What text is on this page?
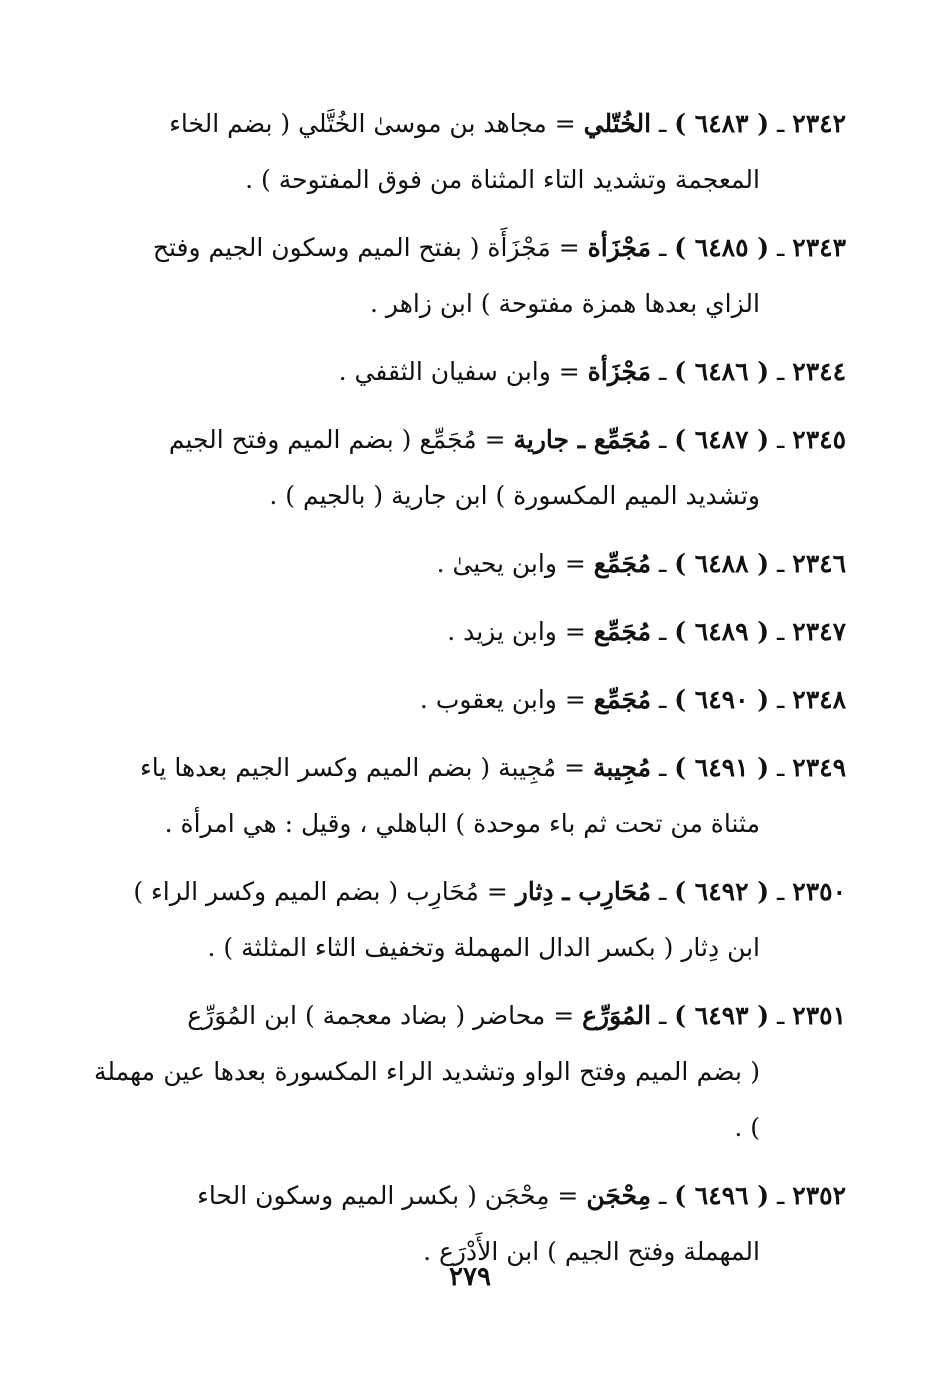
٢٣٤٢ ـ ( ٦٤٨٣ ) ـ الخُتّلي = مجاهد بن موسىٰ الخُتَّلي ( بضم الخاء
المعجمة وتشديد التاء المثناة من فوق المفتوحة ) .
٢٣٤٣ ـ ( ٦٤٨٥ ) ـ مَجْزَأة = مَجْزَأَة ( بفتح الميم وسكون الجيم وفتح
الزاي بعدها همزة مفتوحة ) ابن زاهر .
٢٣٤٤ ـ ( ٦٤٨٦ ) ـ مَجْزَأة = وابن سفيان الثقفي .
٢٣٤٥ ـ ( ٦٤٨٧ ) ـ مُجَمِّع ـ جارية = مُجَمِّع ( بضم الميم وفتح الجيم
وتشديد الميم المكسورة ) ابن جارية ( بالجيم ) .
٢٣٤٦ ـ ( ٦٤٨٨ ) ـ مُجَمِّع = وابن يحيىٰ .
٢٣٤٧ ـ ( ٦٤٨٩ ) ـ مُجَمِّع = وابن يزيد .
٢٣٤٨ ـ ( ٦٤٩٠ ) ـ مُجَمِّع = وابن يعقوب .
٢٣٤٩ ـ ( ٦٤٩١ ) ـ مُجِيبة = مُجِيبة ( بضم الميم وكسر الجيم بعدها ياء
مثناة من تحت ثم باء موحدة ) الباهلي ، وقيل : هي امرأة .
٢٣٥٠ ـ ( ٦٤٩٢ ) ـ مُحَارِب ـ دِثار = مُحَارِب ( بضم الميم وكسر الراء )
ابن دِثار ( بكسر الدال المهملة وتخفيف الثاء المثلثة ) .
٢٣٥١ ـ ( ٦٤٩٣ ) ـ المُوَرِّع = محاضر ( بضاد معجمة ) ابن المُوَرِّع
( بضم الميم وفتح الواو وتشديد الراء المكسورة بعدها عين مهملة ) .
٢٣٥٢ ـ ( ٦٤٩٦ ) ـ مِحْجَن = مِحْجَن ( بكسر الميم وسكون الحاء
المهملة وفتح الجيم ) ابن الأَدْرَع .
٢٧٩
